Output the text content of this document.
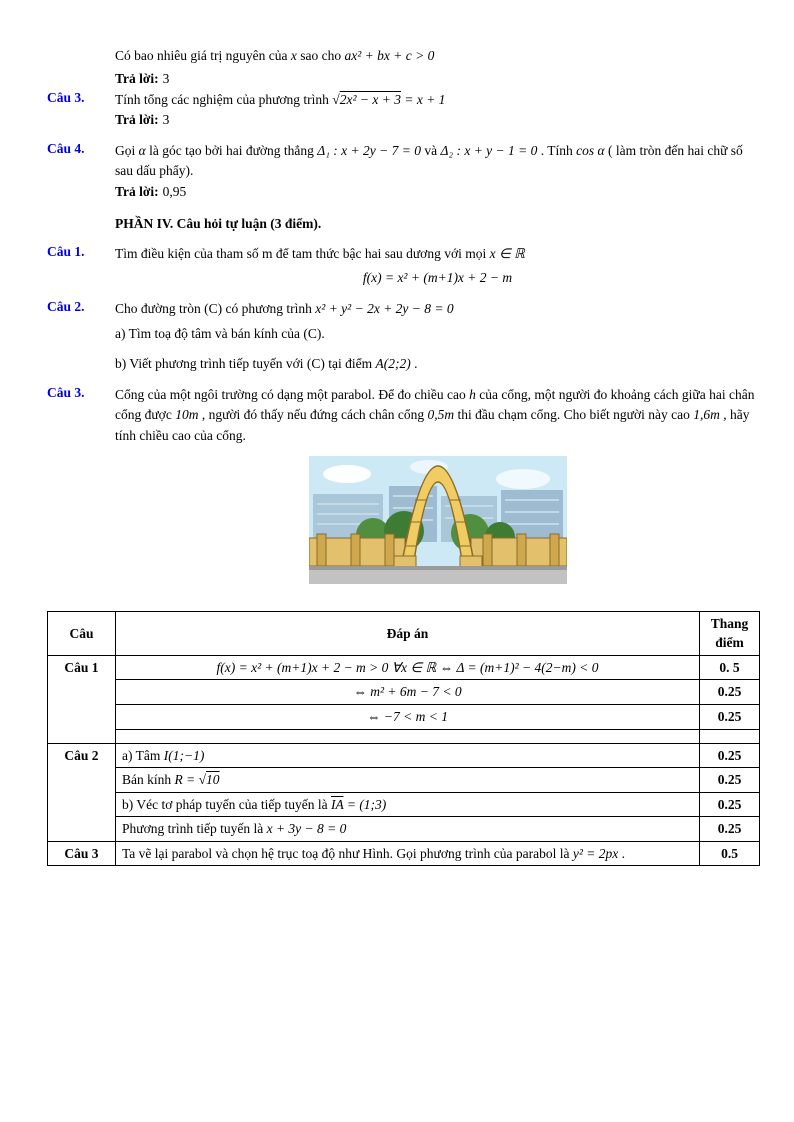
Có bao nhiêu giá trị nguyên của x sao cho ax² + bx + c > 0
Trả lời: 3
Câu 3.	Tính tổng các nghiệm của phương trình √2x² − x + 3 = x + 1
Trả lời: 3
Câu 4.	Gọi α là góc tạo bởi hai đường thẳng Δ₁ : x + 2y − 7 = 0 và Δ₂ : x + y − 1 = 0 . Tính cos α ( làm tròn đến hai chữ số sau dấu phẩy).
Trả lời: 0,95
PHẦN IV. Câu hỏi tự luận (3 điểm).
Câu 1.	Tìm điều kiện của tham số m để tam thức bậc hai sau dương với mọi x ∈ ℝ
f(x) = x² + (m+1)x + 2 − m
Câu 2.	Cho đường tròn (C) có phương trình x² + y² − 2x + 2y − 8 = 0
a) Tìm toạ độ tâm và bán kính của (C).
b) Viết phương trình tiếp tuyến với (C) tại điểm A(2;2) .
Câu 3.	Cổng của một ngôi trường có dạng một parabol. Để đo chiều cao h của cổng, một người đo khoảng cách giữa hai chân cổng được 10m , người đó thấy nếu đứng cách chân cổng 0,5m thi đầu chạm cổng. Cho biết người này cao 1,6m , hãy tính chiều cao của cổng.
Câu	Đáp án	Thang điểm
Câu 1	f(x) = x² + (m+1)x + 2 − m > 0 ∀x ∈ ℝ ⇔ Δ = (m+1)² − 4(2−m) < 0	0. 5
	⇔ m² + 6m − 7 < 0	0.25
	⇔ −7 < m < 1	0.25

Câu 2	a) Tâm I(1;−1)	0.25
	Bán kính R = √10	0.25
	b) Véc tơ pháp tuyến của tiếp tuyến là $\overline{IA}$ = (1;3)	0.25
	Phương trình tiếp tuyến là x + 3y − 8 = 0	0.25
Câu 3	Ta vẽ lại parabol và chọn hệ trục toạ độ như Hình. Gọi phương trình của parabol là y² = 2px .	0.5
